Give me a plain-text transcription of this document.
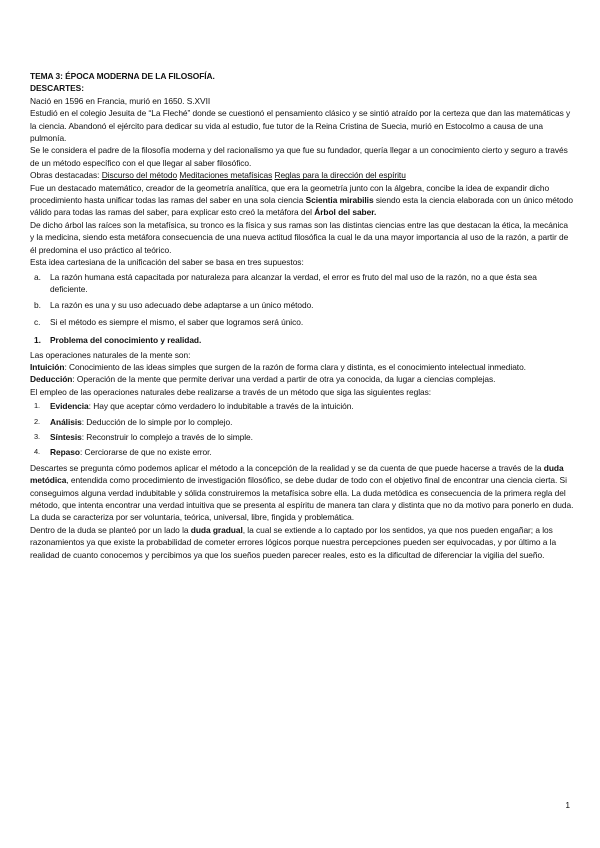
TEMA 3: ÉPOCA MODERNA DE LA FILOSOFÍA.

DESCARTES:

Nació en 1596 en Francia, murió en 1650. S.XVII

Estudió en el colegio Jesuita de “La Fleché” donde se cuestionó el pensamiento clásico y se sintió atraído por la certeza que dan las matemáticas y la ciencia. Abandonó el ejército para dedicar su vida al estudio, fue tutor de la Reina Cristina de Suecia, murió en Estocolmo a causa de una pulmonía.

Se le considera el padre de la filosofía moderna y del racionalismo ya que fue su fundador, quería llegar a un conocimiento cierto y seguro a través de un método específico con el que llegar al saber filosófico.

Obras destacadas: Discurso del método Meditaciones metafísicas Reglas para la dirección del espíritu

Fue un destacado matemático, creador de la geometría analítica, que era la geometría junto con la álgebra, concibe la idea de expandir dicho procedimiento hasta unificar todas las ramas del saber en una sola ciencia Scientia mirabilis siendo esta la ciencia elaborada con un único método válido para todas las ramas del saber, para explicar esto creó la metáfora del Árbol del saber.

De dicho árbol las raíces son la metafísica, su tronco es la física y sus ramas son las distintas ciencias entre las que destacan la ética, la mecánica y la medicina, siendo esta metáfora consecuencia de una nueva actitud filosófica la cual le da una mayor importancia al uso de la razón, a partir de él predomina el uso práctico al teórico.

Esta idea cartesiana de la unificación del saber se basa en tres supuestos:

a. La razón humana está capacitada por naturaleza para alcanzar la verdad, el error es fruto del mal uso de la razón, no a que ésta sea deficiente.
b. La razón es una y su uso adecuado debe adaptarse a un único método.
c. Si el método es siempre el mismo, el saber que logramos será único.

1. Problema del conocimiento y realidad.

Las operaciones naturales de la mente son:

Intuición: Conocimiento de las ideas simples que surgen de la razón de forma clara y distinta, es el conocimiento intelectual inmediato.

Deducción: Operación de la mente que permite derivar una verdad a partir de otra ya conocida, da lugar a ciencias complejas.

El empleo de las operaciones naturales debe realizarse a través de un método que siga las siguientes reglas:

1. Evidencia: Hay que aceptar cómo verdadero lo indubitable a través de la intuición.
2. Análisis: Deducción de lo simple por lo complejo.
3. Síntesis: Reconstruir lo complejo a través de lo simple.
4. Repaso: Cerciorarse de que no existe error.

Descartes se pregunta cómo podemos aplicar el método a la concepción de la realidad y se da cuenta de que puede hacerse a través de la duda metódica, entendida como procedimiento de investigación filosófico, se debe dudar de todo con el objetivo final de encontrar una ciencia cierta. Si conseguimos alguna verdad indubitable y sólida construiremos la metafísica sobre ella. La duda metódica es consecuencia de la primera regla del método, que intenta encontrar una verdad intuitiva que se presenta al espíritu de manera tan clara y distinta que no da motivo para ponerlo en duda. La duda se caracteriza por ser voluntaria, teórica, universal, libre, fingida y problemática.

Dentro de la duda se planteó por un lado la duda gradual, la cual se extiende a lo captado por los sentidos, ya que nos pueden engañar; a los razonamientos ya que existe la probabilidad de cometer errores lógicos porque nuestra percepciones pueden ser equivocadas, y por último a la realidad de cuanto conocemos y percibimos ya que los sueños pueden parecer reales, esto es la dificultad de diferenciar la vigilia del sueño.

1
